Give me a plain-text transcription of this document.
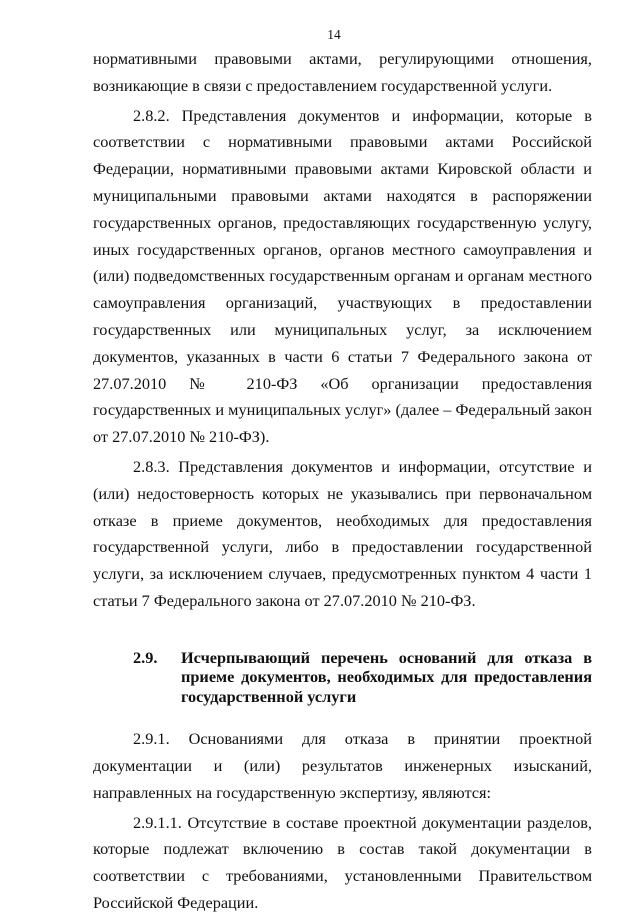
14

нормативными правовыми актами, регулирующими отношения, возникающие в связи с предоставлением государственной услуги.

2.8.2. Представления документов и информации, которые в соответствии с нормативными правовыми актами Российской Федерации, нормативными правовыми актами Кировской области и муниципальными правовыми актами находятся в распоряжении государственных органов, предоставляющих государственную услугу, иных государственных органов, органов местного самоуправления и (или) подведомственных государственным органам и органам местного самоуправления организаций, участвующих в предоставлении государственных или муниципальных услуг, за исключением документов, указанных в части 6 статьи 7 Федерального закона от 27.07.2010 № 210-ФЗ «Об организации предоставления государственных и муниципальных услуг» (далее – Федеральный закон от 27.07.2010 № 210-ФЗ).

2.8.3. Представления документов и информации, отсутствие и (или) недостоверность которых не указывались при первоначальном отказе в приеме документов, необходимых для предоставления государственной услуги, либо в предоставлении государственной услуги, за исключением случаев, предусмотренных пунктом 4 части 1 статьи 7 Федерального закона от 27.07.2010 № 210-ФЗ.

2.9.	Исчерпывающий перечень оснований для отказа в приеме документов, необходимых для предоставления государственной услуги

2.9.1. Основаниями для отказа в принятии проектной документации и (или) результатов инженерных изысканий, направленных на государственную экспертизу, являются:

2.9.1.1. Отсутствие в составе проектной документации разделов, которые подлежат включению в состав такой документации в соответствии с требованиями, установленными Правительством Российской Федерации.
